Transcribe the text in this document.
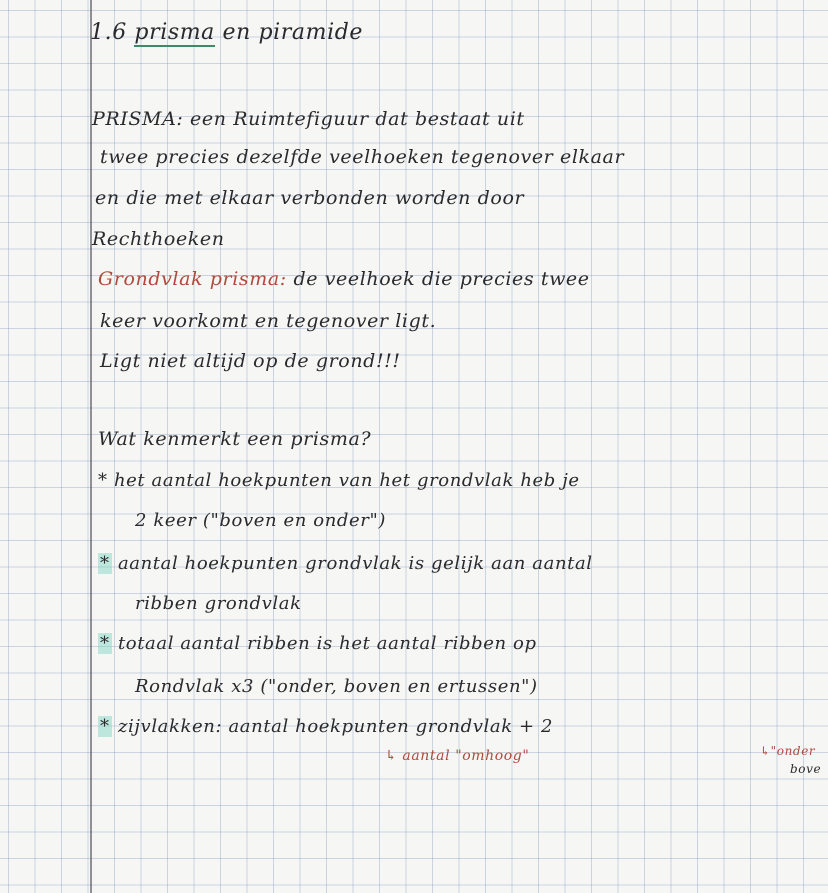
1.6 prisma en piramide
PRISMA: een Ruimtefiguur dat bestaat uit
twee precies dezelfde veelhoeken tegenover elkaar
en die met elkaar verbonden worden door
Rechthoeken
Grondvlak prisma: de veelhoek die precies twee
keer voorkomt en tegenover ligt.
Ligt niet altijd op de grond!!!
Wat kenmerkt een prisma?
* het aantal hoekpunten van het grondvlak heb je
2 keer ("boven en onder")
* aantal hoekpunten grondvlak is gelijk aan aantal
ribben grondvlak
* totaal aantal ribben is het aantal ribben op
Rondvlak x3 ("onder, boven en ertussen")
* zijvlakken: aantal hoekpunten grondvlak + 2
↳ aantal "omhoog"	↳"onder
bove
